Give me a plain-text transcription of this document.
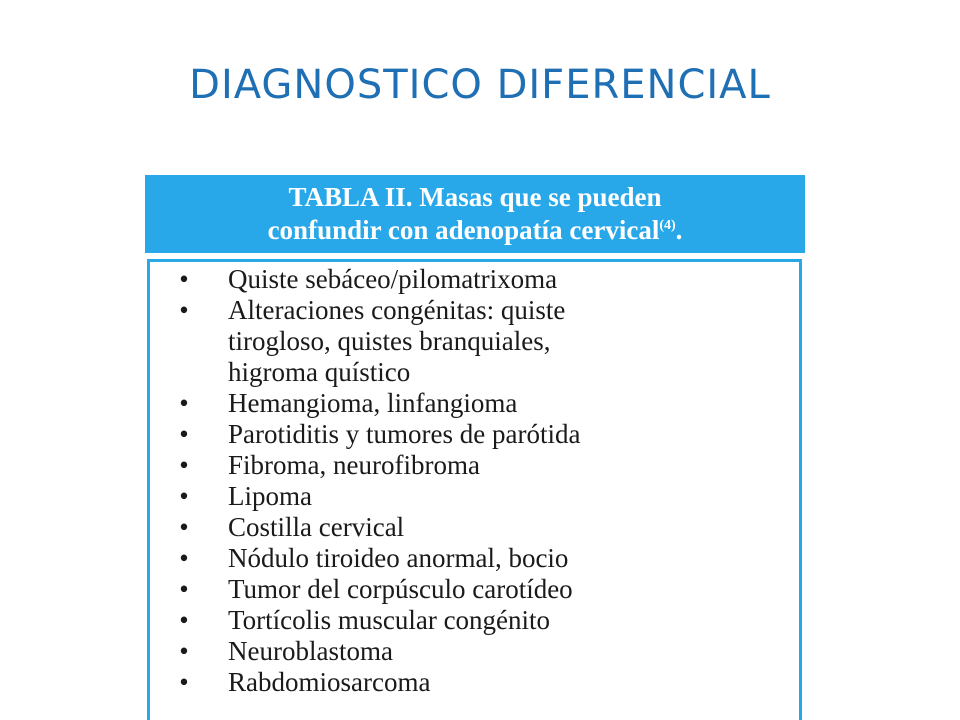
DIAGNOSTICO DIFERENCIAL
TABLA II. Masas que se pueden
confundir con adenopatía cervical$^{(4)}$.
• Quiste sebáceo/pilomatrixoma
• Alteraciones congénitas: quiste
tirogloso, quistes branquiales,
higroma quístico
• Hemangioma, linfangioma
• Parotiditis y tumores de parótida
• Fibroma, neurofibroma
• Lipoma
• Costilla cervical
• Nódulo tiroideo anormal, bocio
• Tumor del corpúsculo carotídeo
• Tortícolis muscular congénito
• Neuroblastoma
• Rabdomiosarcoma
